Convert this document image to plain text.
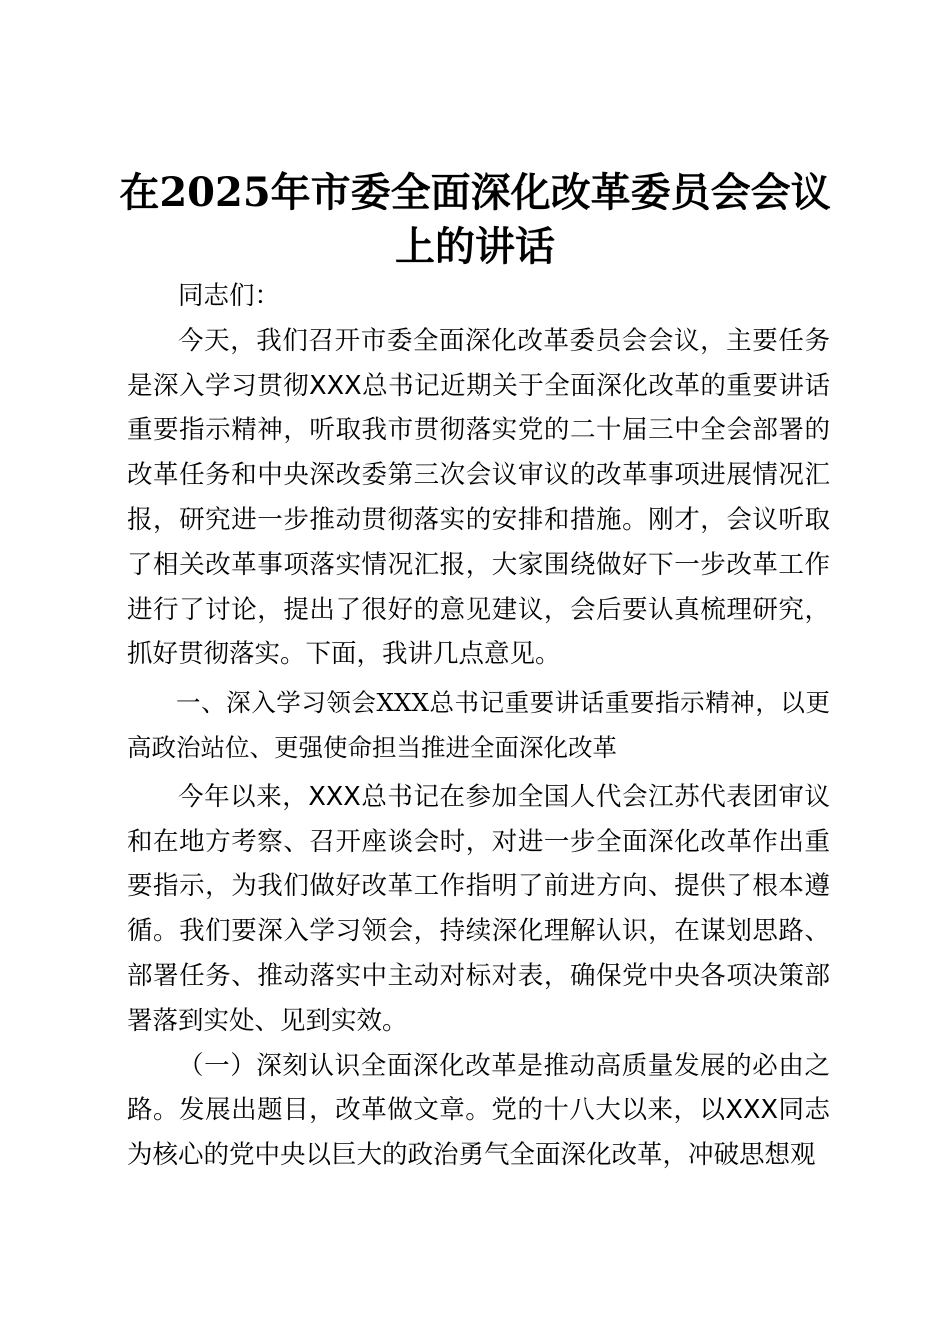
在2025年市委全面深化改革委员会会议上的讲话

同志们：

今天，我们召开市委全面深化改革委员会会议，主要任务是深入学习贯彻XXX总书记近期关于全面深化改革的重要讲话重要指示精神，听取我市贯彻落实党的二十届三中全会部署的改革任务和中央深改委第三次会议审议的改革事项进展情况汇报，研究进一步推动贯彻落实的安排和措施。刚才，会议听取了相关改革事项落实情况汇报，大家围绕做好下一步改革工作进行了讨论，提出了很好的意见建议，会后要认真梳理研究，抓好贯彻落实。下面，我讲几点意见。

一、深入学习领会XXX总书记重要讲话重要指示精神，以更高政治站位、更强使命担当推进全面深化改革

今年以来，XXX总书记在参加全国人代会江苏代表团审议和在地方考察、召开座谈会时，对进一步全面深化改革作出重要指示，为我们做好改革工作指明了前进方向、提供了根本遵循。我们要深入学习领会，持续深化理解认识，在谋划思路、部署任务、推动落实中主动对标对表，确保党中央各项决策部署落到实处、见到实效。

（一）深刻认识全面深化改革是推动高质量发展的必由之路。发展出题目，改革做文章。党的十八大以来，以XXX同志为核心的党中央以巨大的政治勇气全面深化改革，冲破思想观
